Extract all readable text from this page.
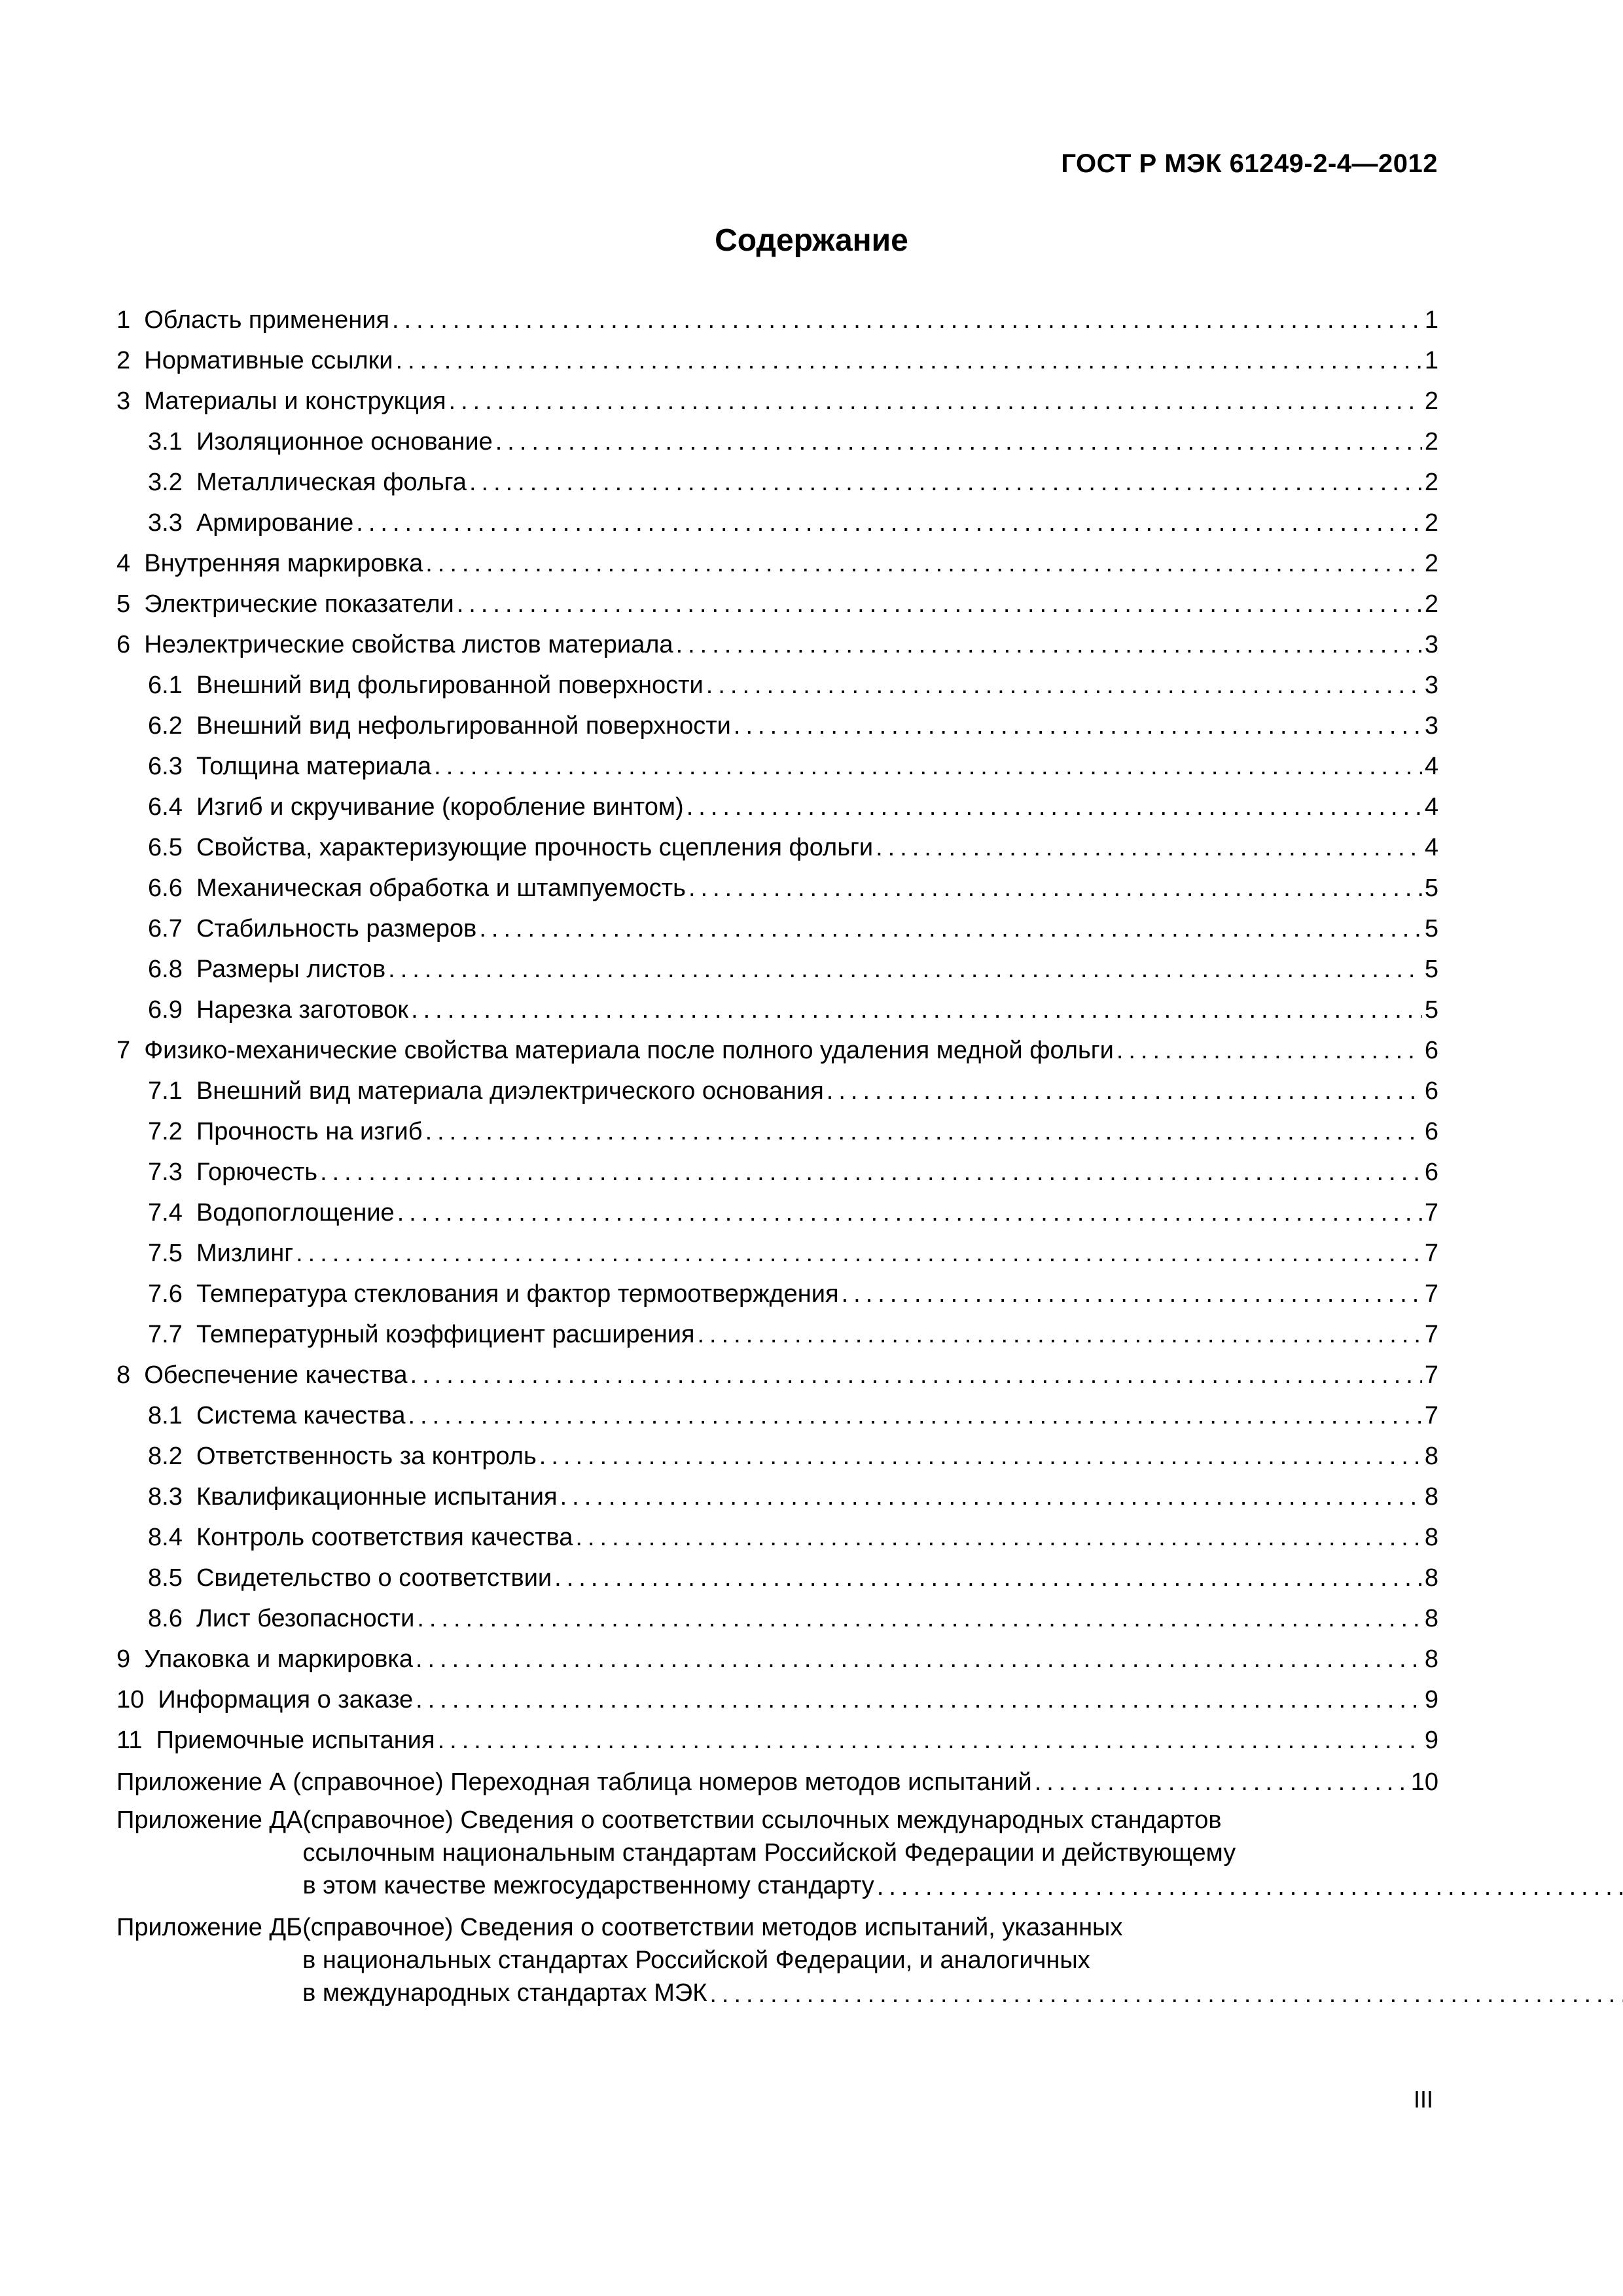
ГОСТ Р МЭК 61249-2-4—2012
Содержание
1 Область применения .....	1
2 Нормативные ссылки .....	1
3 Материалы и конструкция .....	2
3.1 Изоляционное основание .....	2
3.2 Металлическая фольга .....	2
3.3 Армирование .....	2
4 Внутренняя маркировка .....	2
5 Электрические показатели .....	2
6 Неэлектрические свойства листов материала .....	3
6.1 Внешний вид фольгированной поверхности .....	3
6.2 Внешний вид нефольгированной поверхности .....	3
6.3 Толщина материала .....	4
6.4 Изгиб и скручивание (коробление винтом) .....	4
6.5 Свойства, характеризующие прочность сцепления фольги .....	4
6.6 Механическая обработка и штампуемость .....	5
6.7 Стабильность размеров .....	5
6.8 Размеры листов .....	5
6.9 Нарезка заготовок .....	5
7 Физико-механические свойства материала после полного удаления медной фольги .....	6
7.1 Внешний вид материала диэлектрического основания .....	6
7.2 Прочность на изгиб .....	6
7.3 Горючесть .....	6
7.4 Водопоглощение .....	7
7.5 Мизлинг .....	7
7.6 Температура стеклования и фактор термоотверждения .....	7
7.7 Температурный коэффициент расширения .....	7
8 Обеспечение качества .....	7
8.1 Система качества .....	7
8.2 Ответственность за контроль .....	8
8.3 Квалификационные испытания .....	8
8.4 Контроль соответствия качества .....	8
8.5 Свидетельство о соответствии .....	8
8.6 Лист безопасности .....	8
9 Упаковка и маркировка .....	8
10 Информация о заказе .....	9
11 Приемочные испытания .....	9
Приложение А (справочное) Переходная таблица номеров методов испытаний .....	10
Приложение ДА (справочное) Сведения о соответствии ссылочных международных стандартов
ссылочным национальным стандартам Российской Федерации и действующему
в этом качестве межгосударственному стандарту
.....
Приложение ДБ (справочное) Сведения о соответствии методов испытаний, указанных
в национальных стандартах Российской Федерации, и аналогичных
в международных стандартах МЭК
.....
III
